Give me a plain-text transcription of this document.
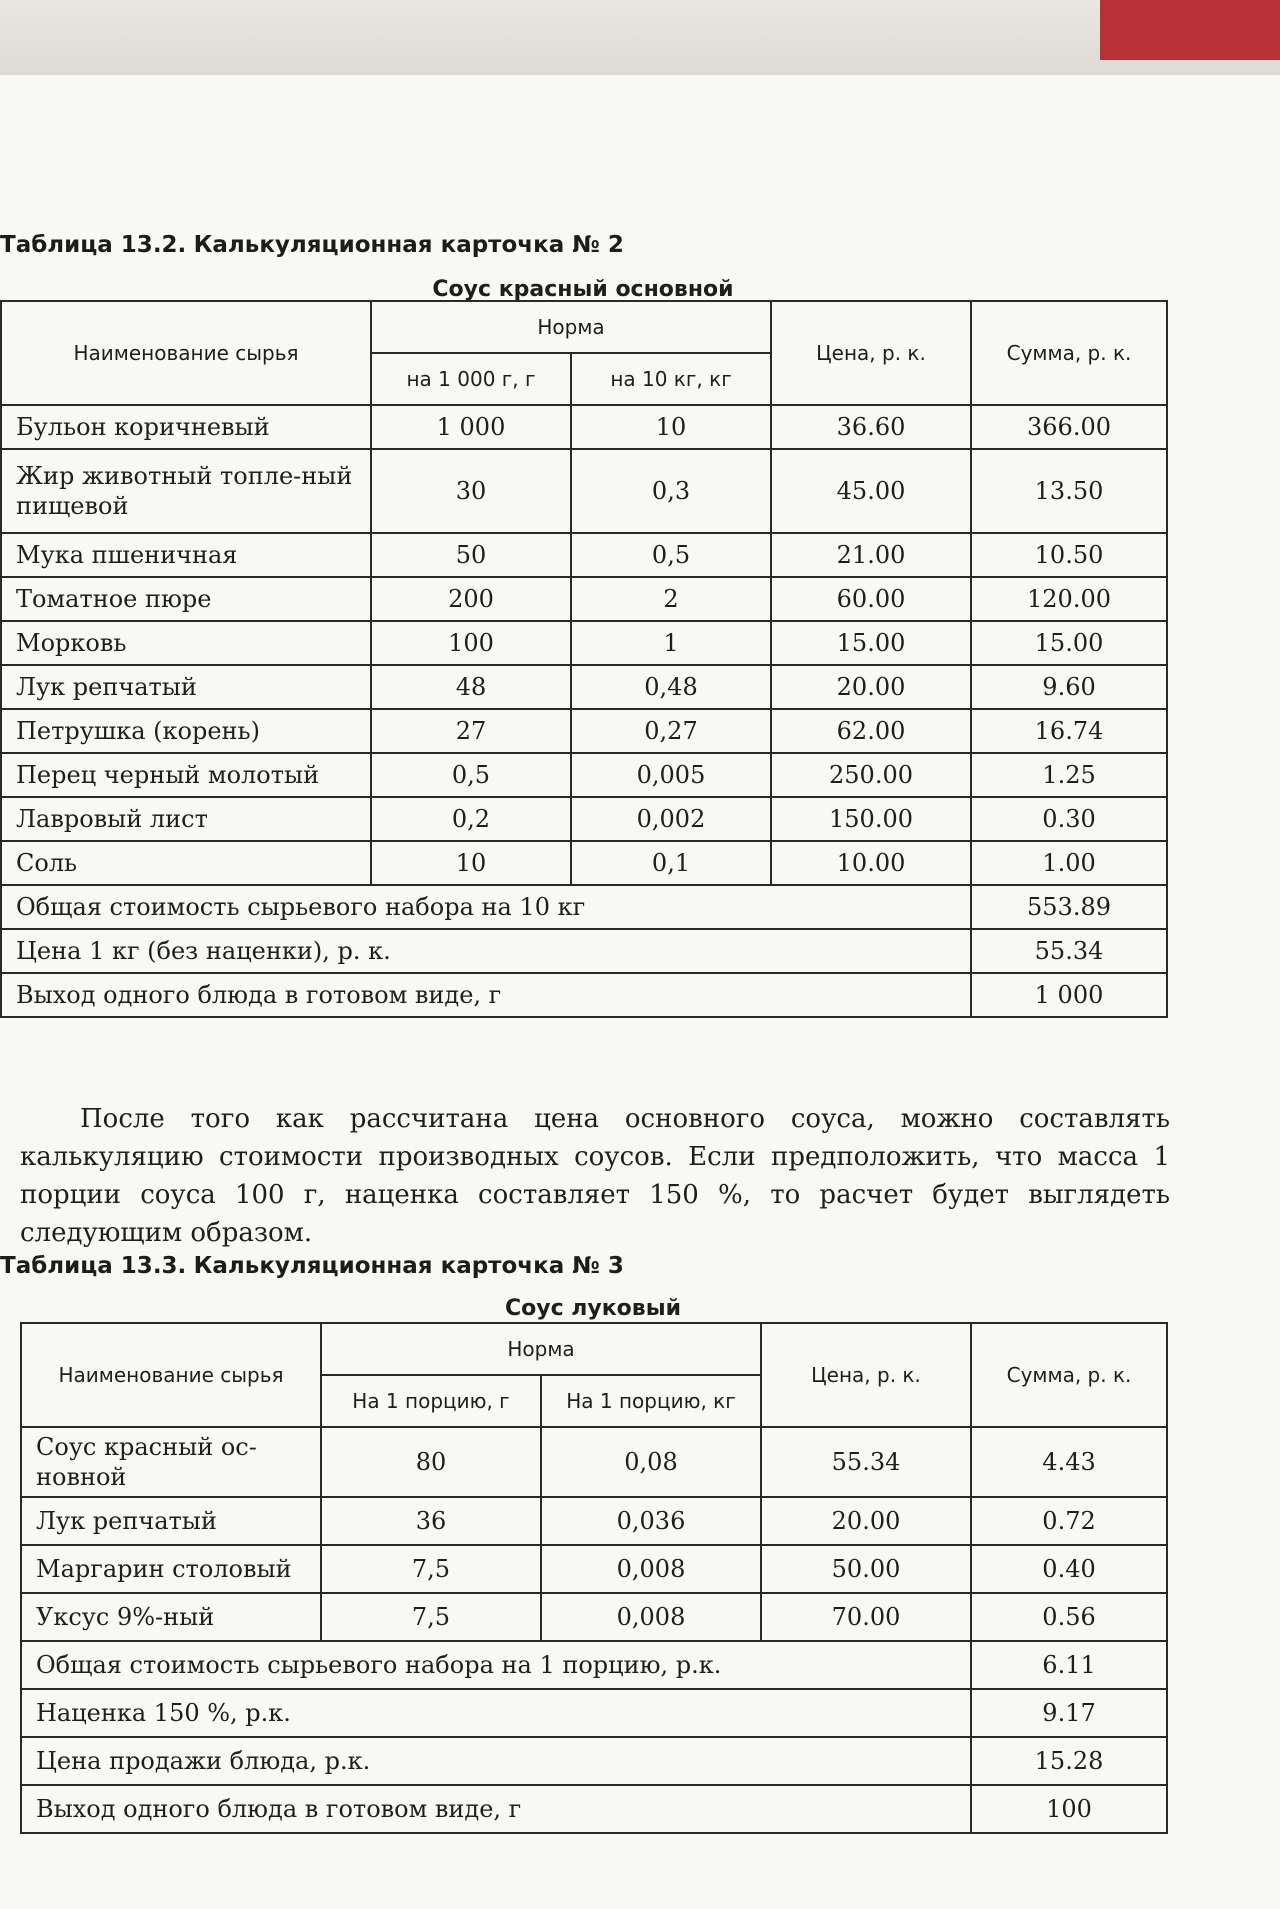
Таблица 13.2. Калькуляционная карточка № 2
Соус красный основной
Наименование сырья	Норма		Цена, р. к.	Сумма, р. к.
	на 1 000 г, г	на 10 кг, кг		
Бульон коричневый	1 000	10	36.60	366.00
Жир животный топле-ный пищевой	30	0,3	45.00	13.50
Мука пшеничная	50	0,5	21.00	10.50
Томатное пюре	200	2	60.00	120.00
Морковь	100	1	15.00	15.00
Лук репчатый	48	0,48	20.00	9.60
Петрушка (корень)	27	0,27	62.00	16.74
Перец черный молотый	0,5	0,005	250.00	1.25
Лавровый лист	0,2	0,002	150.00	0.30
Соль	10	0,1	10.00	1.00
Общая стоимость сырьевого набора на 10 кг				553.89
Цена 1 кг (без наценки), р. к.				55.34
Выход одного блюда в готовом виде, г				1 000
После того как рассчитана цена основного соуса, можно составлять калькуляцию стоимости производных соусов. Если предположить, что масса 1 порции соуса 100 г, наценка составляет 150 %, то расчет будет выглядеть следующим образом.
Таблица 13.3. Калькуляционная карточка № 3
Соус луковый
Наименование сырья	Норма		Цена, р. к.	Сумма, р. к.
	На 1 порцию, г	На 1 порцию, кг		
Соус красный ос-новной	80	0,08	55.34	4.43
Лук репчатый	36	0,036	20.00	0.72
Маргарин столовый	7,5	0,008	50.00	0.40
Уксус 9%-ный	7,5	0,008	70.00	0.56
Общая стоимость сырьевого набора на 1 порцию, р.к.				6.11
Наценка 150 %, р.к.				9.17
Цена продажи блюда, р.к.				15.28
Выход одного блюда в готовом виде, г				100
